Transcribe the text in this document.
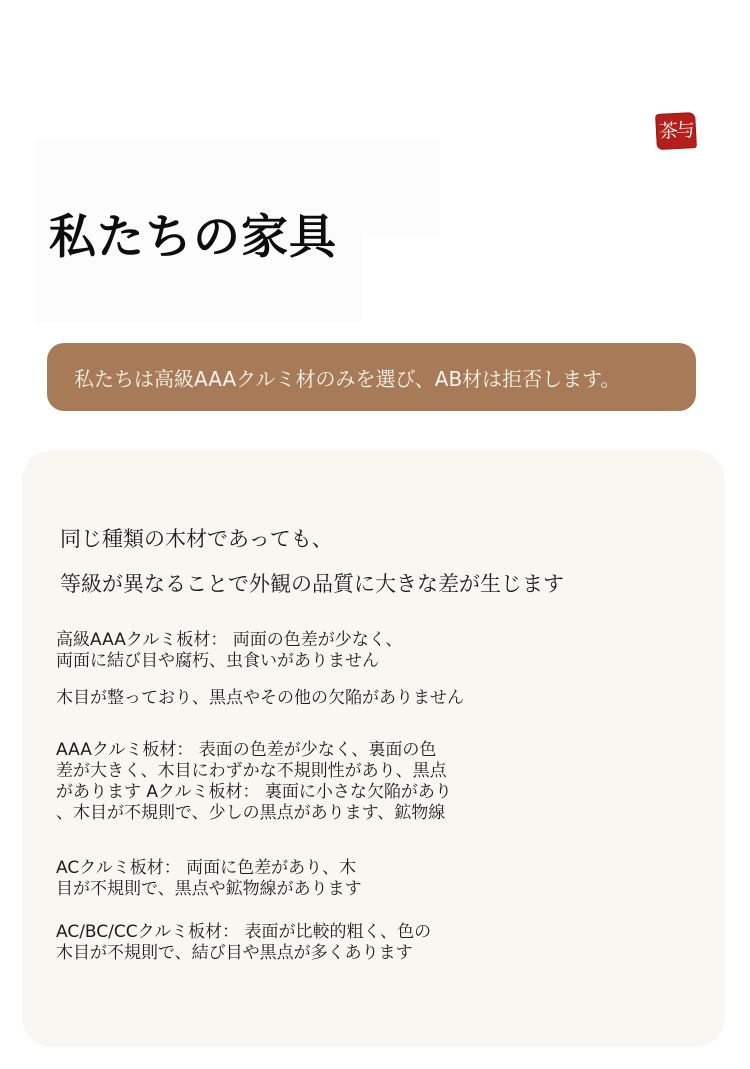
茶与
私たちの家具
私たちは高級AAAクルミ材のみを選び、AB材は拒否します。

同じ種類の木材であっても、

等級が異なることで外観の品質に大きな差が生じます

高級AAAクルミ板材： 両面の色差が少なく、
両面に結び目や腐朽、虫食いがありません

木目が整っており、黒点やその他の欠陥がありません

AAAクルミ板材： 表面の色差が少なく、裏面の色
差が大きく、木目にわずかな不規則性があり、黒点
があります Aクルミ板材： 裏面に小さな欠陥があり
、木目が不規則で、少しの黒点があります、鉱物線

ACクルミ板材： 両面に色差があり、木
目が不規則で、黒点や鉱物線があります

AC/BC/CCクルミ板材： 表面が比較的粗く、色の
木目が不規則で、結び目や黒点が多くあります
